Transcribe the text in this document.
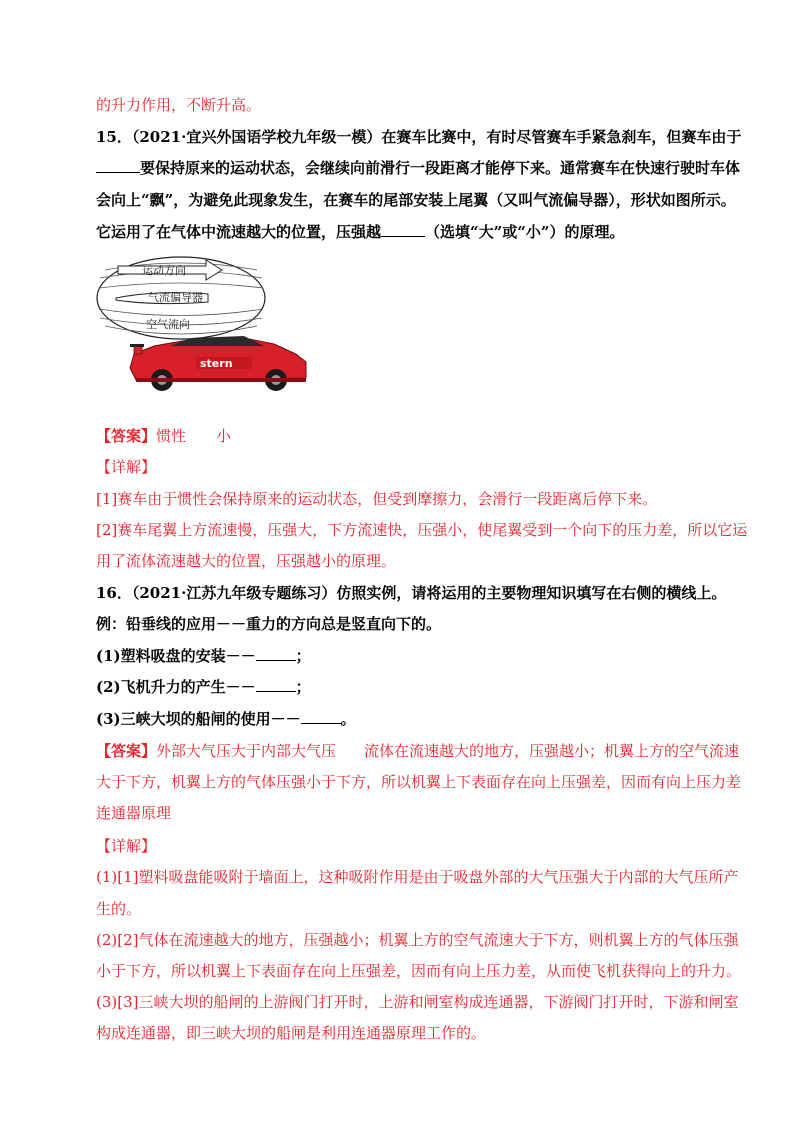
的升力作用，不断升高。
15．（2021·宜兴外国语学校九年级一模）在赛车比赛中，有时尽管赛车手紧急刹车，但赛车由于
要保持原来的运动状态，会继续向前滑行一段距离才能停下来。通常赛车在快速行驶时车体
会向上“飘”，为避免此现象发生，在赛车的尾部安装上尾翼（又叫气流偏导器），形状如图所示。
它运用了在气体中流速越大的位置，压强越	（选填“大”或“小”）的原理。
运动方向
气流偏导器
空气流向
stern
【答案】惯性 小
【详解】
[1]赛车由于惯性会保持原来的运动状态，但受到摩擦力，会滑行一段距离后停下来。
[2]赛车尾翼上方流速慢，压强大，下方流速快，压强小，使尾翼受到一个向下的压力差，所以它运
用了流体流速越大的位置，压强越小的原理。
16．（2021·江苏九年级专题练习）仿照实例，请将运用的主要物理知识填写在右侧的横线上。
例：铅垂线的应用－－重力的方向总是竖直向下的。
(1)塑料吸盘的安装－－	；
(2)飞机升力的产生－－	；
(3)三峡大坝的船闸的使用－－	。
【答案】外部大气压大于内部大气压 流体在流速越大的地方，压强越小；机翼上方的空气流速
大于下方，机翼上方的气体压强小于下方，所以机翼上下表面存在向上压强差，因而有向上压力差
连通器原理
【详解】
(1)[1]塑料吸盘能吸附于墙面上，这种吸附作用是由于吸盘外部的大气压强大于内部的大气压所产
生的。
(2)[2]气体在流速越大的地方，压强越小；机翼上方的空气流速大于下方，则机翼上方的气体压强
小于下方，所以机翼上下表面存在向上压强差，因而有向上压力差，从而使飞机获得向上的升力。
(3)[3]三峡大坝的船闸的上游阀门打开时，上游和闸室构成连通器，下游阀门打开时，下游和闸室
构成连通器，即三峡大坝的船闸是利用连通器原理工作的。
